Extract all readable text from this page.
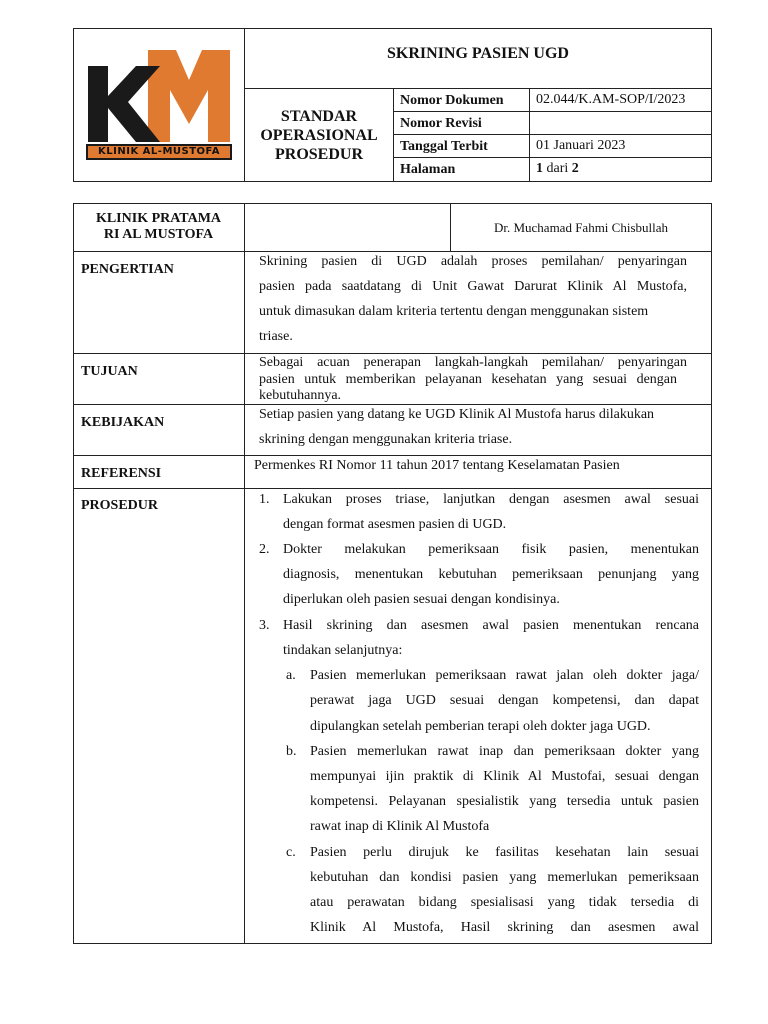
KLINIK AL-MUSTOFA
SKRINING PASIEN UGD
STANDAR
OPERASIONAL
PROSEDUR
Nomor Dokumen 02.044/K.AM-SOP/I/2023
Nomor Revisi
Tanggal Terbit	01 Januari 2023
Halaman	1 dari 2
KLINIK PRATAMA
RI AL MUSTOFA	Dr. Muchamad Fahmi Chisbullah
PENGERTIAN
Skrining pasien di UGD adalah proses pemilahan/ penyaringan
pasien pada saatdatang di Unit Gawat Darurat Klinik Al Mustofa,
untuk dimasukan dalam kriteria tertentu dengan menggunakan sistem
triase.
TUJUAN
Sebagai acuan penerapan langkah-langkah pemilahan/ penyaringan
pasien untuk memberikan pelayanan kesehatan yang sesuai dengan
kebutuhannya.
KEBIJAKAN
Setiap pasien yang datang ke UGD Klinik Al Mustofa harus dilakukan
skrining dengan menggunakan kriteria triase.
REFERENSI
Permenkes RI Nomor 11 tahun 2017 tentang Keselamatan Pasien
PROSEDUR	1. Lakukan proses triase, lanjutkan dengan asesmen awal sesuai
dengan format asesmen pasien di UGD.
2. Dokter melakukan pemeriksaan fisik pasien, menentukan
diagnosis, menentukan kebutuhan pemeriksaan penunjang yang
diperlukan oleh pasien sesuai dengan kondisinya.
3. Hasil skrining dan asesmen awal pasien menentukan rencana
tindakan selanjutnya:
a. Pasien memerlukan pemeriksaan rawat jalan oleh dokter jaga/
perawat jaga UGD sesuai dengan kompetensi, dan dapat
dipulangkan setelah pemberian terapi oleh dokter jaga UGD.
b. Pasien memerlukan rawat inap dan pemeriksaan dokter yang
mempunyai ijin praktik di Klinik Al Mustofai, sesuai dengan
kompetensi. Pelayanan spesialistik yang tersedia untuk pasien
rawat inap di Klinik Al Mustofa
c. Pasien perlu dirujuk ke fasilitas kesehatan lain sesuai
kebutuhan dan kondisi pasien yang memerlukan pemeriksaan
atau perawatan bidang spesialisasi yang tidak tersedia di
Klinik Al Mustofa, Hasil skrining dan asesmen awal
